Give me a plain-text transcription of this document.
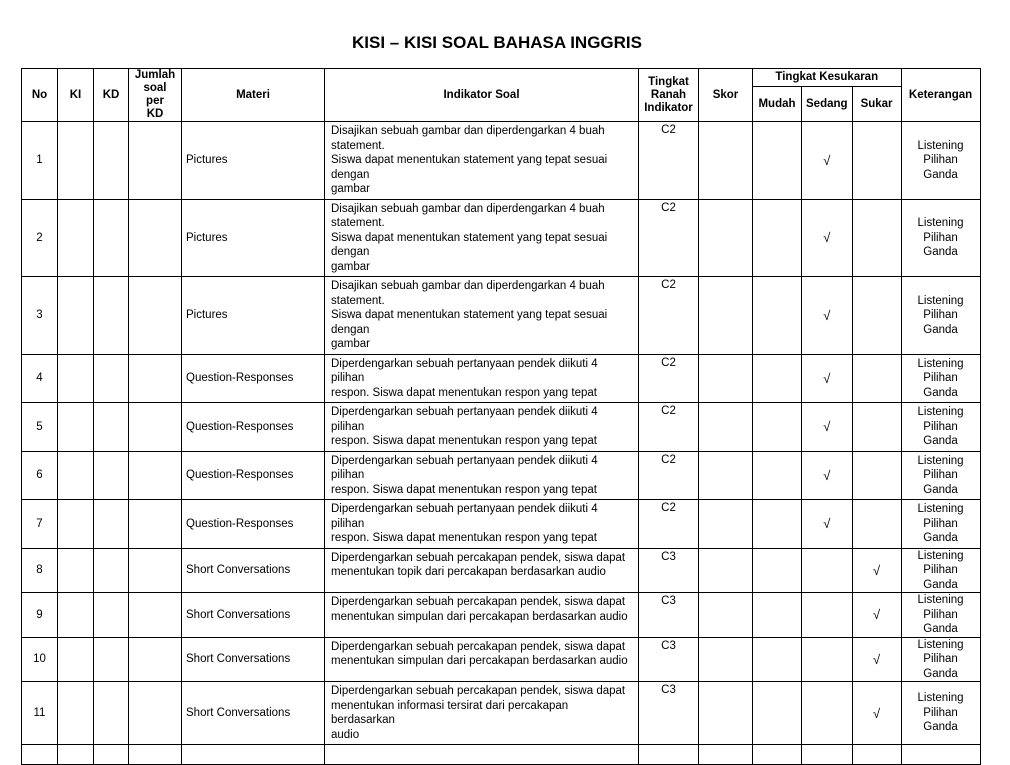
KISI – KISI SOAL BAHASA INGGRIS
No	KI	KD	Jumlah
soal per
KD	Materi	Indikator Soal	Tingkat
Ranah
Indikator	Skor	Tingkat Kesukaran			Keterangan
								Mudah	Sedang	Sukar	
1				Pictures	Disajikan sebuah gambar dan diperdengarkan 4 buah statement.
Siswa dapat menentukan statement yang tepat sesuai dengan
gambar	C2			√		Listening
Pilihan Ganda
2				Pictures	Disajikan sebuah gambar dan diperdengarkan 4 buah statement.
Siswa dapat menentukan statement yang tepat sesuai dengan
gambar	C2			√		Listening
Pilihan Ganda
3				Pictures	Disajikan sebuah gambar dan diperdengarkan 4 buah statement.
Siswa dapat menentukan statement yang tepat sesuai dengan
gambar	C2			√		Listening
Pilihan Ganda
4				Question-Responses	Diperdengarkan sebuah pertanyaan pendek diikuti 4 pilihan
respon. Siswa dapat menentukan respon yang tepat	C2			√		Listening
Pilihan Ganda
5				Question-Responses	Diperdengarkan sebuah pertanyaan pendek diikuti 4 pilihan
respon. Siswa dapat menentukan respon yang tepat	C2			√		Listening
Pilihan Ganda
6				Question-Responses	Diperdengarkan sebuah pertanyaan pendek diikuti 4 pilihan
respon. Siswa dapat menentukan respon yang tepat	C2			√		Listening
Pilihan Ganda
7				Question-Responses	Diperdengarkan sebuah pertanyaan pendek diikuti 4 pilihan
respon. Siswa dapat menentukan respon yang tepat	C2			√		Listening
Pilihan Ganda
8				Short Conversations	Diperdengarkan sebuah percakapan pendek, siswa dapat
menentukan topik dari percakapan berdasarkan audio	C3				√	Listening
Pilihan Ganda
9				Short Conversations	Diperdengarkan sebuah percakapan pendek, siswa dapat
menentukan simpulan dari percakapan berdasarkan audio	C3				√	Listening
Pilihan Ganda
10				Short Conversations	Diperdengarkan sebuah percakapan pendek, siswa dapat
menentukan simpulan dari percakapan berdasarkan audio	C3				√	Listening
Pilihan Ganda
11				Short Conversations	Diperdengarkan sebuah percakapan pendek, siswa dapat
menentukan informasi tersirat dari percakapan berdasarkan
audio	C3				√	Listening
Pilihan Ganda
